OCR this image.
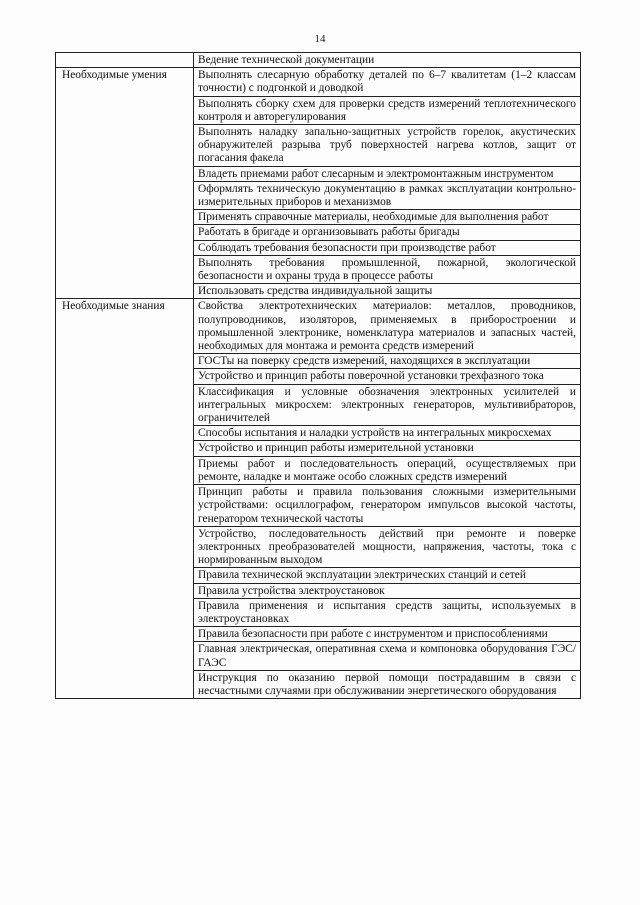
14
	Ведение технической документации
Необходимые умения	Выполнять слесарную обработку деталей по 6–7 квалитетам (1–2 классам точности) с подгонкой и доводкой
	Выполнять сборку схем для проверки средств измерений теплотехнического контроля и авторегулирования
	Выполнять наладку запально-защитных устройств горелок, акустических обнаружителей разрыва труб поверхностей нагрева котлов, защит от погасания факела
	Владеть приемами работ слесарным и электромонтажным инструментом
	Оформлять техническую документацию в рамках эксплуатации контрольно-измерительных приборов и механизмов
	Применять справочные материалы, необходимые для выполнения работ
	Работать в бригаде и организовывать работы бригады
	Соблюдать требования безопасности при производстве работ
	Выполнять требования промышленной, пожарной, экологической безопасности и охраны труда в процессе работы
	Использовать средства индивидуальной защиты
Необходимые знания	Свойства электротехнических материалов: металлов, проводников, полупроводников, изоляторов, применяемых в приборостроении и промышленной электронике, номенклатура материалов и запасных частей, необходимых для монтажа и ремонта средств измерений
	ГОСТы на поверку средств измерений, находящихся в эксплуатации
	Устройство и принцип работы поверочной установки трехфазного тока
	Классификация и условные обозначения электронных усилителей и интегральных микросхем: электронных генераторов, мультивибраторов, ограничителей
	Способы испытания и наладки устройств на интегральных микросхемах
	Устройство и принцип работы измерительной установки
	Приемы работ и последовательность операций, осуществляемых при ремонте, наладке и монтаже особо сложных средств измерений
	Принцип работы и правила пользования сложными измерительными устройствами: осциллографом, генератором импульсов высокой частоты, генератором технической частоты
	Устройство, последовательность действий при ремонте и поверке электронных преобразователей мощности, напряжения, частоты, тока с нормированным выходом
	Правила технической эксплуатации электрических станций и сетей
	Правила устройства электроустановок
	Правила применения и испытания средств защиты, используемых в электроустановках
	Правила безопасности при работе с инструментом и приспособлениями
	Главная электрическая, оперативная схема и компоновка оборудования ГЭС/ГАЭС
	Инструкция по оказанию первой помощи пострадавшим в связи с несчастными случаями при обслуживании энергетического оборудования
